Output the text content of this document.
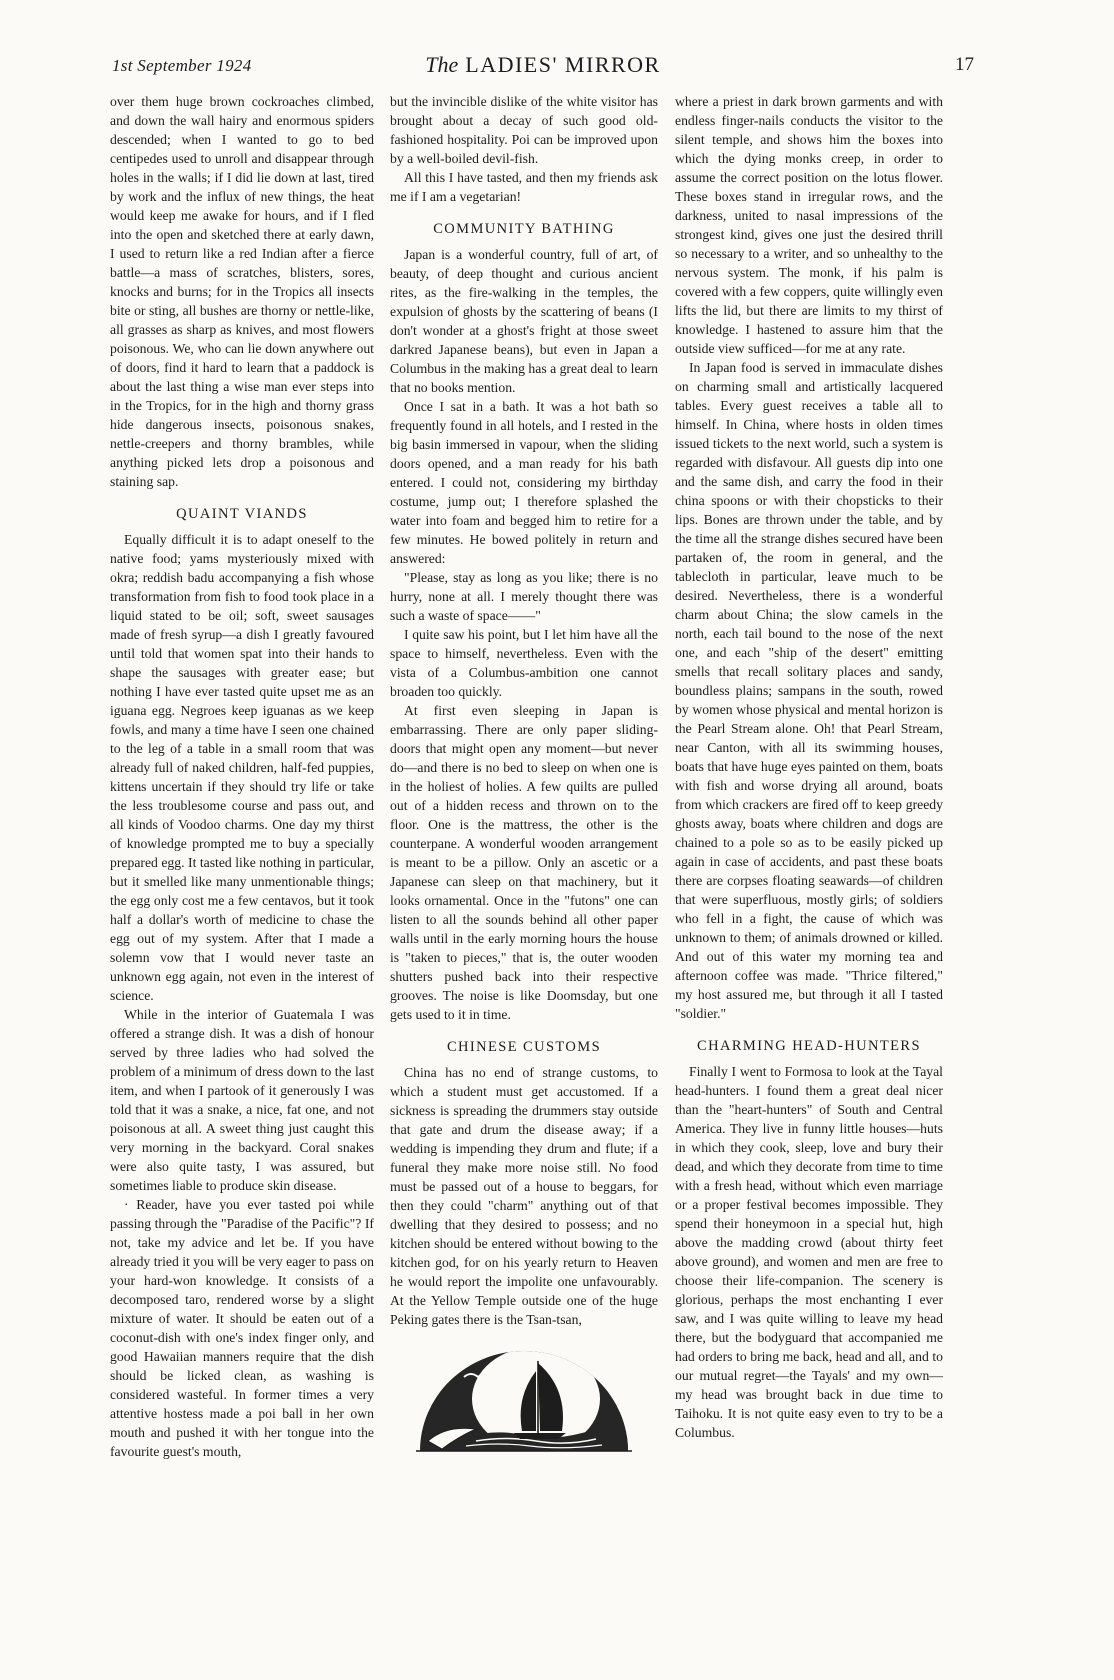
1st September 1924	The LADIES' MIRROR	17

over them huge brown cockroaches climbed, and down the wall hairy and enormous spiders descended; when I wanted to go to bed centipedes used to unroll and disappear through holes in the walls; if I did lie down at last, tired by work and the influx of new things, the heat would keep me awake for hours, and if I fled into the open and sketched there at early dawn, I used to return like a red Indian after a fierce battle—a mass of scratches, blisters, sores, knocks and burns; for in the Tropics all insects bite or sting, all bushes are thorny or nettle-like, all grasses as sharp as knives, and most flowers poisonous. We, who can lie down anywhere out of doors, find it hard to learn that a paddock is about the last thing a wise man ever steps into in the Tropics, for in the high and thorny grass hide dangerous insects, poisonous snakes, nettle-creepers and thorny brambles, while anything picked lets drop a poisonous and staining sap.

QUAINT VIANDS

Equally difficult it is to adapt oneself to the native food; yams mysteriously mixed with okra; reddish badu accompanying a fish whose transformation from fish to food took place in a liquid stated to be oil; soft, sweet sausages made of fresh syrup—a dish I greatly favoured until told that women spat into their hands to shape the sausages with greater ease; but nothing I have ever tasted quite upset me as an iguana egg. Negroes keep iguanas as we keep fowls, and many a time have I seen one chained to the leg of a table in a small room that was already full of naked children, half-fed puppies, kittens uncertain if they should try life or take the less troublesome course and pass out, and all kinds of Voodoo charms. One day my thirst of knowledge prompted me to buy a specially prepared egg. It tasted like nothing in particular, but it smelled like many unmentionable things; the egg only cost me a few centavos, but it took half a dollar's worth of medicine to chase the egg out of my system. After that I made a solemn vow that I would never taste an unknown egg again, not even in the interest of science.

While in the interior of Guatemala I was offered a strange dish. It was a dish of honour served by three ladies who had solved the problem of a minimum of dress down to the last item, and when I partook of it generously I was told that it was a snake, a nice, fat one, and not poisonous at all. A sweet thing just caught this very morning in the backyard. Coral snakes were also quite tasty, I was assured, but sometimes liable to produce skin disease.

· Reader, have you ever tasted poi while passing through the "Paradise of the Pacific"? If not, take my advice and let be. If you have already tried it you will be very eager to pass on your hard-won knowledge. It consists of a decomposed taro, rendered worse by a slight mixture of water. It should be eaten out of a coconut-dish with one's index finger only, and good Hawaiian manners require that the dish should be licked clean, as washing is considered wasteful. In former times a very attentive hostess made a poi ball in her own mouth and pushed it with her tongue into the favourite guest's mouth,

but the invincible dislike of the white visitor has brought about a decay of such good old-fashioned hospitality. Poi can be improved upon by a well-boiled devil-fish.

All this I have tasted, and then my friends ask me if I am a vegetarian!

COMMUNITY BATHING

Japan is a wonderful country, full of art, of beauty, of deep thought and curious ancient rites, as the fire-walking in the temples, the expulsion of ghosts by the scattering of beans (I don't wonder at a ghost's fright at those sweet darkred Japanese beans), but even in Japan a Columbus in the making has a great deal to learn that no books mention.

Once I sat in a bath. It was a hot bath so frequently found in all hotels, and I rested in the big basin immersed in vapour, when the sliding doors opened, and a man ready for his bath entered. I could not, considering my birthday costume, jump out; I therefore splashed the water into foam and begged him to retire for a few minutes. He bowed politely in return and answered:

"Please, stay as long as you like; there is no hurry, none at all. I merely thought there was such a waste of space——"

I quite saw his point, but I let him have all the space to himself, nevertheless. Even with the vista of a Columbus-ambition one cannot broaden too quickly.

At first even sleeping in Japan is embarrassing. There are only paper sliding-doors that might open any moment—but never do—and there is no bed to sleep on when one is in the holiest of holies. A few quilts are pulled out of a hidden recess and thrown on to the floor. One is the mattress, the other is the counterpane. A wonderful wooden arrangement is meant to be a pillow. Only an ascetic or a Japanese can sleep on that machinery, but it looks ornamental. Once in the "futons" one can listen to all the sounds behind all other paper walls until in the early morning hours the house is "taken to pieces," that is, the outer wooden shutters pushed back into their respective grooves. The noise is like Doomsday, but one gets used to it in time.

CHINESE CUSTOMS

China has no end of strange customs, to which a student must get accustomed. If a sickness is spreading the drummers stay outside that gate and drum the disease away; if a wedding is impending they drum and flute; if a funeral they make more noise still. No food must be passed out of a house to beggars, for then they could "charm" anything out of that dwelling that they desired to possess; and no kitchen should be entered without bowing to the kitchen god, for on his yearly return to Heaven he would report the impolite one unfavourably. At the Yellow Temple outside one of the huge Peking gates there is the Tsan-tsan,

where a priest in dark brown garments and with endless finger-nails conducts the visitor to the silent temple, and shows him the boxes into which the dying monks creep, in order to assume the correct position on the lotus flower. These boxes stand in irregular rows, and the darkness, united to nasal impressions of the strongest kind, gives one just the desired thrill so necessary to a writer, and so unhealthy to the nervous system. The monk, if his palm is covered with a few coppers, quite willingly even lifts the lid, but there are limits to my thirst of knowledge. I hastened to assure him that the outside view sufficed—for me at any rate.

In Japan food is served in immaculate dishes on charming small and artistically lacquered tables. Every guest receives a table all to himself. In China, where hosts in olden times issued tickets to the next world, such a system is regarded with disfavour. All guests dip into one and the same dish, and carry the food in their china spoons or with their chopsticks to their lips. Bones are thrown under the table, and by the time all the strange dishes secured have been partaken of, the room in general, and the tablecloth in particular, leave much to be desired. Nevertheless, there is a wonderful charm about China; the slow camels in the north, each tail bound to the nose of the next one, and each "ship of the desert" emitting smells that recall solitary places and sandy, boundless plains; sampans in the south, rowed by women whose physical and mental horizon is the Pearl Stream alone. Oh! that Pearl Stream, near Canton, with all its swimming houses, boats that have huge eyes painted on them, boats with fish and worse drying all around, boats from which crackers are fired off to keep greedy ghosts away, boats where children and dogs are chained to a pole so as to be easily picked up again in case of accidents, and past these boats there are corpses floating seawards—of children that were superfluous, mostly girls; of soldiers who fell in a fight, the cause of which was unknown to them; of animals drowned or killed. And out of this water my morning tea and afternoon coffee was made. "Thrice filtered," my host assured me, but through it all I tasted "soldier."

CHARMING HEAD-HUNTERS

Finally I went to Formosa to look at the Tayal head-hunters. I found them a great deal nicer than the "heart-hunters" of South and Central America. They live in funny little houses—huts in which they cook, sleep, love and bury their dead, and which they decorate from time to time with a fresh head, without which even marriage or a proper festival becomes impossible. They spend their honeymoon in a special hut, high above the madding crowd (about thirty feet above ground), and women and men are free to choose their life-companion. The scenery is glorious, perhaps the most enchanting I ever saw, and I was quite willing to leave my head there, but the bodyguard that accompanied me had orders to bring me back, head and all, and to our mutual regret—the Tayals' and my own—my head was brought back in due time to Taihoku. It is not quite easy even to try to be a Columbus.
